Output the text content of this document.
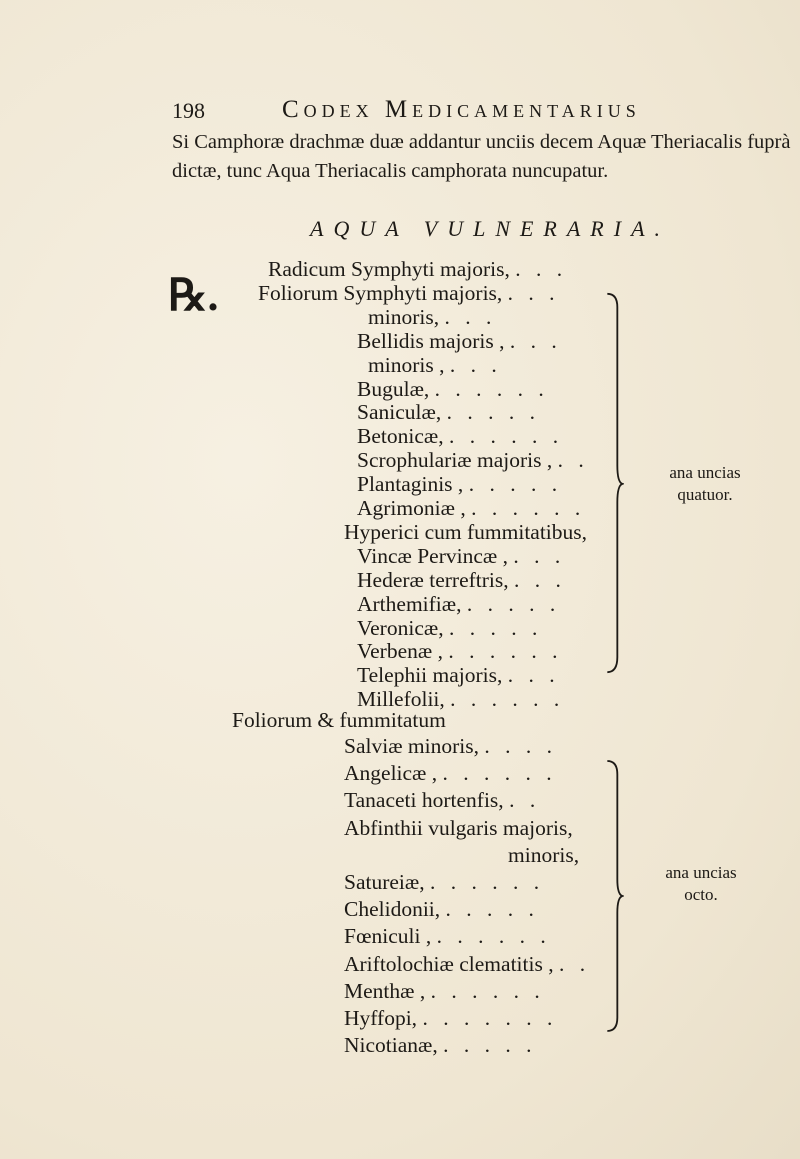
198	Codex Medicamentarius
Si Camphoræ drachmæ duæ addantur unciis decem Aquæ Theriacalis fuprà dictæ, tunc Aqua Theriacalis camphorata nuncupatur.
AQUA VULNERARIA.
℞.
Radicum Symphyti majoris, . . .
Foliorum Symphyti majoris, . . .
minoris, . . .
Bellidis majoris , . . .
minoris , . . .
Bugulæ, . . . . . .
Saniculæ, . . . . .
Betonicæ, . . . . . .
Scrophulariæ majoris , . .
Plantaginis , . . . . .
Agrimoniæ , . . . . . .
Hyperici cum fummitatibus,
Vincæ Pervincæ , . . .
Hederæ terreftris, . . .
Arthemifiæ, . . . . .
Veronicæ, . . . . .
Verbenæ , . . . . . .
Telephii majoris, . . .
Millefolii, . . . . . .
ana uncias
quatuor.
Foliorum & fummitatum
Salviæ minoris, . . . .
Angelicæ , . . . . . .
Tanaceti hortenfis, . .
Abfinthii vulgaris majoris,
minoris,
Satureiæ, . . . . . .
Chelidonii, . . . . .
Fœniculi , . . . . . .
Ariftolochiæ clematitis , . .
Menthæ , . . . . . .
Hyffopi, . . . . . . .
Nicotianæ, . . . . .
ana uncias
octo.
